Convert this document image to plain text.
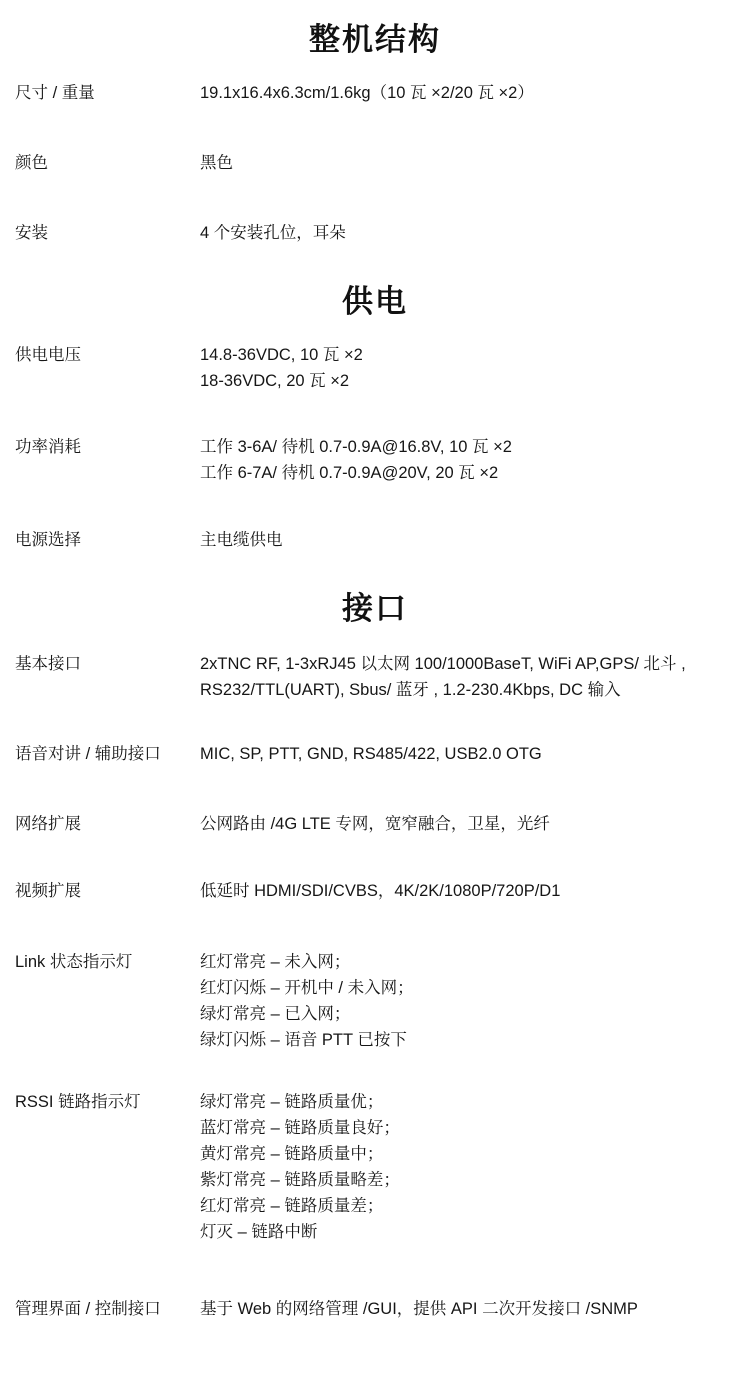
整机结构
尺寸 / 重量	19.1x16.4x6.3cm/1.6kg（10 瓦 ×2/20 瓦 ×2）
颜色	黑色
安装	4 个安装孔位，耳朵
供电
供电电压	14.8-36VDC, 10 瓦 ×2
18-36VDC, 20 瓦 ×2
功率消耗	工作 3-6A/ 待机 0.7-0.9A@16.8V, 10 瓦 ×2
工作 6-7A/ 待机 0.7-0.9A@20V, 20 瓦 ×2
电源选择	主电缆供电
接口
基本接口	2xTNC RF, 1-3xRJ45 以太网 100/1000BaseT, WiFi AP,GPS/ 北斗 ,
RS232/TTL(UART), Sbus/ 蓝牙 , 1.2-230.4Kbps, DC 输入
语音对讲 / 辅助接口	MIC, SP, PTT, GND, RS485/422, USB2.0 OTG
网络扩展	公网路由 /4G LTE 专网，宽窄融合，卫星，光纤
视频扩展	低延时 HDMI/SDI/CVBS，4K/2K/1080P/720P/D1
Link 状态指示灯	红灯常亮 – 未入网；
红灯闪烁 – 开机中 / 未入网；
绿灯常亮 – 已入网；
绿灯闪烁 – 语音 PTT 已按下
RSSI 链路指示灯	绿灯常亮 – 链路质量优；
蓝灯常亮 – 链路质量良好；
黄灯常亮 – 链路质量中；
紫灯常亮 – 链路质量略差；
红灯常亮 – 链路质量差；
灯灭 – 链路中断
管理界面 / 控制接口	基于 Web 的网络管理 /GUI，提供 API 二次开发接口 /SNMP
